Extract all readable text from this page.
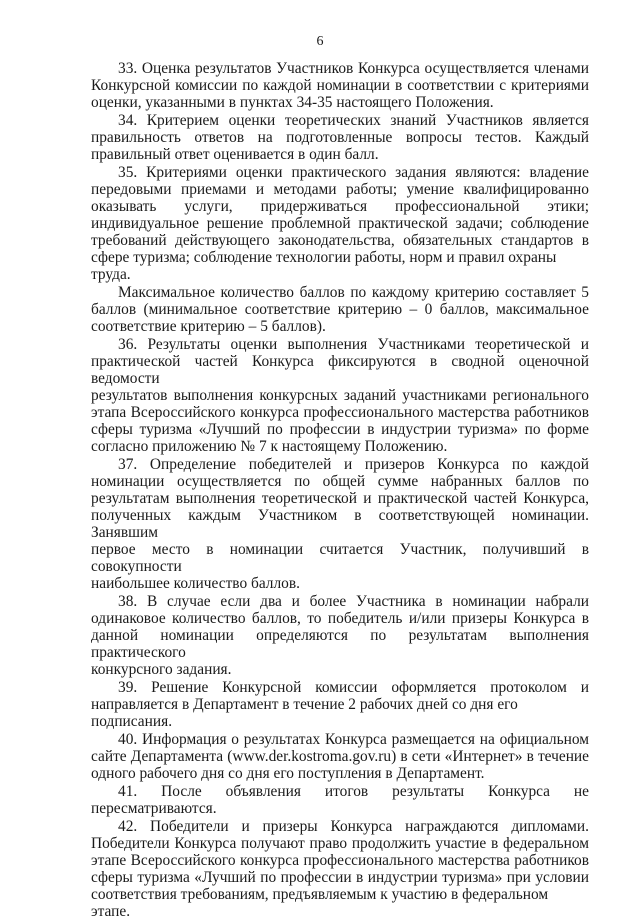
6
33. Оценка результатов Участников Конкурса осуществляется членами
Конкурсной комиссии по каждой номинации в соответствии с критериями
оценки, указанными в пунктах 34-35 настоящего Положения.
34. Критерием оценки теоретических знаний Участников является
правильность ответов на подготовленные вопросы тестов. Каждый
правильный ответ оценивается в один балл.
35. Критериями оценки практического задания являются: владение
передовыми приемами и методами работы; умение квалифицированно
оказывать услуги, придерживаться профессиональной этики;
индивидуальное решение проблемной практической задачи; соблюдение
требований действующего законодательства, обязательных стандартов в
сфере туризма; соблюдение технологии работы, норм и правил охраны труда.
Максимальное количество баллов по каждому критерию составляет 5
баллов (минимальное соответствие критерию – 0 баллов, максимальное
соответствие критерию – 5 баллов).
36. Результаты оценки выполнения Участниками теоретической и
практической частей Конкурса фиксируются в сводной оценочной ведомости
результатов выполнения конкурсных заданий участниками регионального
этапа Всероссийского конкурса профессионального мастерства работников
сферы туризма «Лучший по профессии в индустрии туризма» по форме
согласно приложению № 7 к настоящему Положению.
37. Определение победителей и призеров Конкурса по каждой
номинации осуществляется по общей сумме набранных баллов по
результатам выполнения теоретической и практической частей Конкурса,
полученных каждым Участником в соответствующей номинации. Занявшим
первое место в номинации считается Участник, получивший в совокупности
наибольшее количество баллов.
38. В случае если два и более Участника в номинации набрали
одинаковое количество баллов, то победитель и/или призеры Конкурса в
данной номинации определяются по результатам выполнения практического
конкурсного задания.
39. Решение Конкурсной комиссии оформляется протоколом и
направляется в Департамент в течение 2 рабочих дней со дня его подписания.
40. Информация о результатах Конкурса размещается на официальном
сайте Департамента (www.der.kostroma.gov.ru) в сети «Интернет» в течение
одного рабочего дня со дня его поступления в Департамент.
41. После объявления итогов результаты Конкурса не
пересматриваются.
42. Победители и призеры Конкурса награждаются дипломами.
Победители Конкурса получают право продолжить участие в федеральном
этапе Всероссийского конкурса профессионального мастерства работников
сферы туризма «Лучший по профессии в индустрии туризма» при условии
соответствия требованиям, предъявляемым к участию в федеральном этапе.
